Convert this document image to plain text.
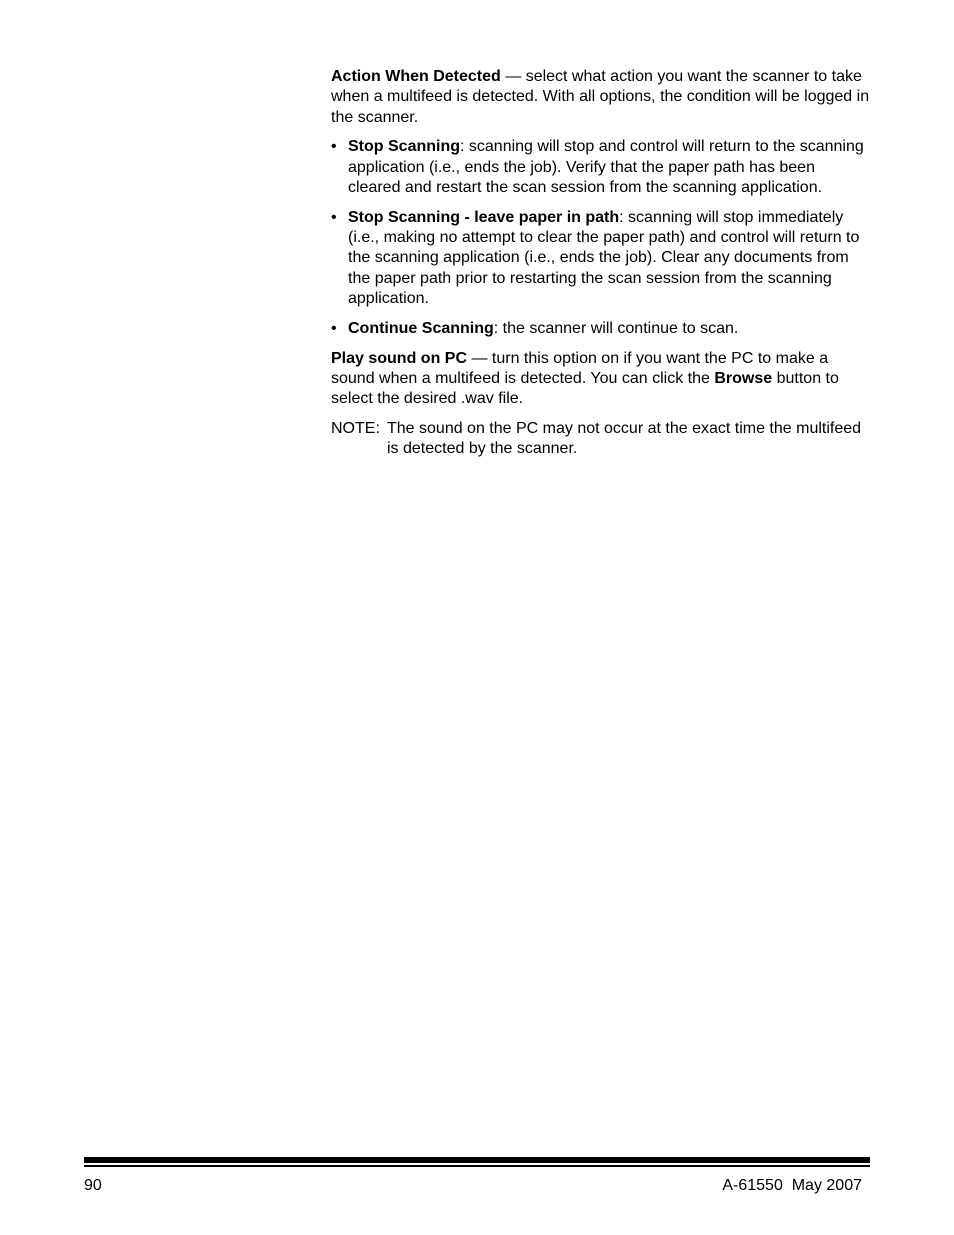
Action When Detected — select what action you want the scanner to take when a multifeed is detected. With all options, the condition will be logged in the scanner.

• Stop Scanning: scanning will stop and control will return to the scanning application (i.e., ends the job). Verify that the paper path has been cleared and restart the scan session from the scanning application.
• Stop Scanning - leave paper in path: scanning will stop immediately (i.e., making no attempt to clear the paper path) and control will return to the scanning application (i.e., ends the job). Clear any documents from the paper path prior to restarting the scan session from the scanning application.
• Continue Scanning: the scanner will continue to scan.

Play sound on PC — turn this option on if you want the PC to make a sound when a multifeed is detected. You can click the Browse button to select the desired .wav file.

NOTE: The sound on the PC may not occur at the exact time the multifeed is detected by the scanner.

90	A-61550  May 2007
